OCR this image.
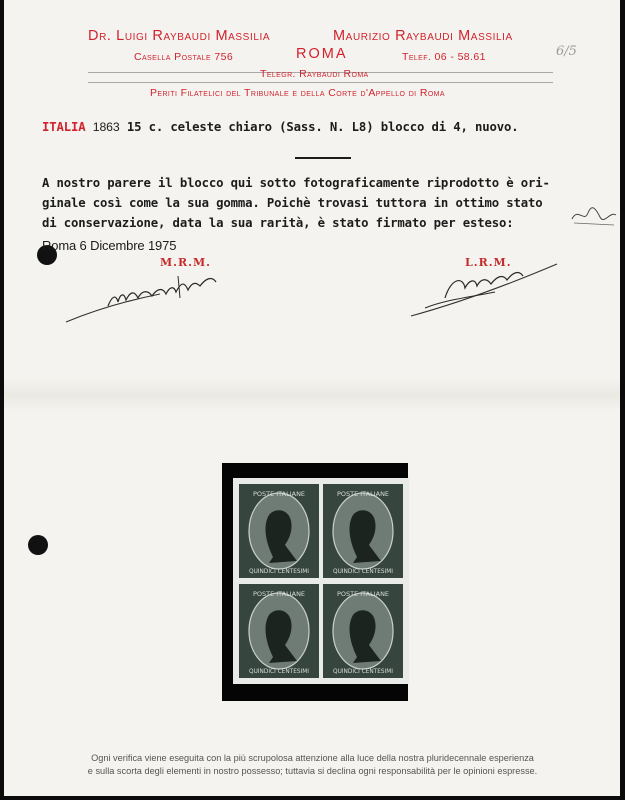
Dr. Luigi Raybaudi Massilia	Maurizio Raybaudi Massilia
Casella Postale 756	ROMA	Telef. 06 - 58.61	6/5
Telegr. Raybaudi Roma
Periti Filatelici del Tribunale e della Corte d'Appello di Roma
ITALIA 1863 15 c. celeste chiaro (Sass. N. L8) blocco di 4, nuovo.
A nostro parere il blocco qui sotto fotograficamente riprodotto è ori-
ginale così come la sua gomma. Poichè trovasi tuttora in ottimo stato
di conservazione, data la sua rarità, è stato firmato per esteso:
Roma 6 Dicembre 1975
M.R.M.	L.R.M.
POSTE ITALIANE
QUINDICI CENTESIMI
POSTE ITALIANE
QUINDICI CENTESIMI
POSTE ITALIANE
QUINDICI CENTESIMI
POSTE ITALIANE
QUINDICI CENTESIMI
Ogni verifica viene eseguita con la più scrupolosa attenzione alla luce della nostra pluridecennale esperienza
e sulla scorta degli elementi in nostro possesso; tuttavia si declina ogni responsabilità per le opinioni espresse.
